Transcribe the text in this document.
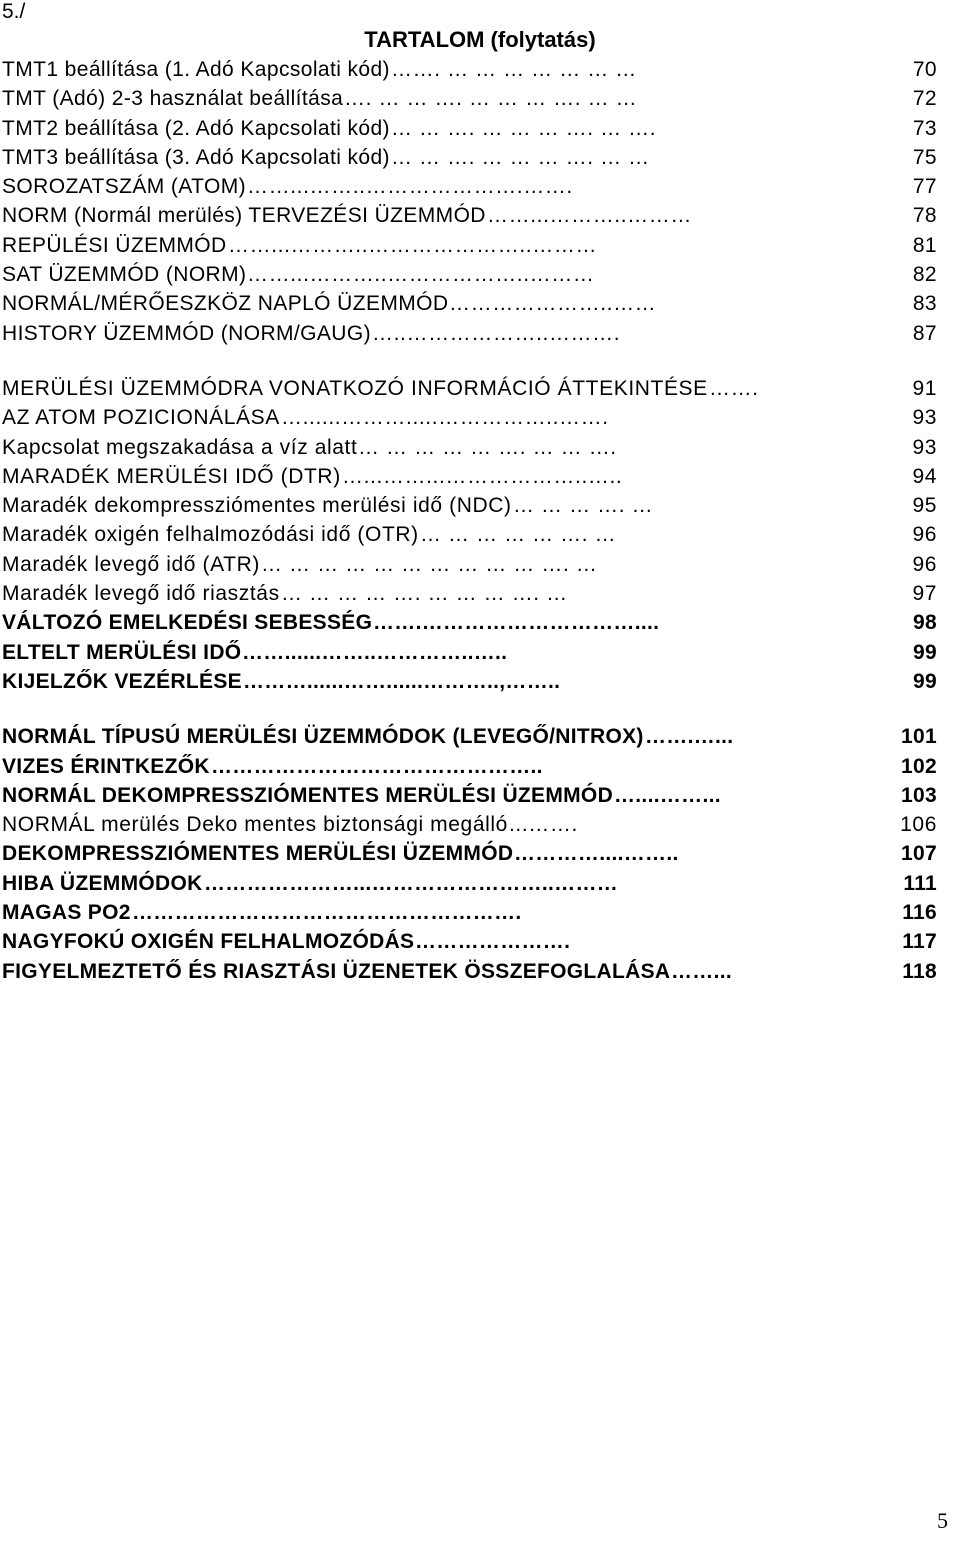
5./
TARTALOM (folytatás)
TMT1 beállítása (1. Adó Kapcsolati kód) ……. … … … … … … …	70
TMT (Adó) 2-3 használat beállítása …. … … …. … … … …. … …	72
TMT2 beállítása (2. Adó Kapcsolati kód) … … …. … … … …. … ….	73
TMT3 beállítása (3. Adó Kapcsolati kód) … … …. … … … …. … …	75
SOROZATSZÁM (ATOM) ……...……..………………….…….	77
NORM (Normál merülés) TERVEZÉSI ÜZEMMÓD ……...………..………	78
REPÜLÉSI ÜZEMMÓD ……...………..…………………..………	81
SAT ÜZEMMÓD (NORM) ……...………..………………..………	82
NORMÁL/MÉRŐESZKÖZ NAPLÓ ÜZEMMÓD …………………..……	83
HISTORY ÜZEMMÓD (NORM/GAUG) …..………………..……….	87
MERÜLÉSI ÜZEMMÓDRA VONATKOZÓ INFORMÁCIÓ ÁTTEKINTÉSE …….	91
AZ ATOM POZICIONÁLÁSA …......……….....……………..…….	93
Kapcsolat megszakadása a víz alatt … … … … … …. … … ….	93
MARADÉK MERÜLÉSI IDŐ (DTR) …...……...………………..…..	94
Maradék dekompressziómentes merülési idő (NDC) … … … …. …	95
Maradék oxigén felhalmozódási idő (OTR) … … … … … …. …	96
Maradék levegő idő (ATR) … … … … … … … … … … …. …	96
Maradék levegő idő riasztás … … … … …. … … … …. …	97
VÁLTOZÓ EMELKEDÉSI SEBESSÉG …….…………………………....	98
ELTELT MERÜLÉSI IDŐ ……......……..…………..…..	99
KIJELZŐK VEZÉRLÉSE ………......……......………..,……..	99
NORMÁL TÍPUSÚ MERÜLÉSI ÜZEMMÓDOK (LEVEGŐ/NITROX) …….…...	101
VIZES ÉRINTKEZŐK ………………………………………..	102
NORMÁL DEKOMPRESSZIÓMENTES MERÜLÉSI ÜZEMMÓD …....……...	103
NORMÁL merülés Deko mentes biztonsági megálló ...…….	106
DEKOMPRESSZIÓMENTES MERÜLÉSI ÜZEMMÓD …………....……..	107
HIBA ÜZEMMÓDOK …………………...……………………..………	111
MAGAS PO2 ……………………………………………….	116
NAGYFOKÚ OXIGÉN FELHALMOZÓDÁS ………………….	117
FIGYELMEZTETŐ ÉS RIASZTÁSI ÜZENETEK ÖSSZEFOGLALÁSA ……...	118
5
